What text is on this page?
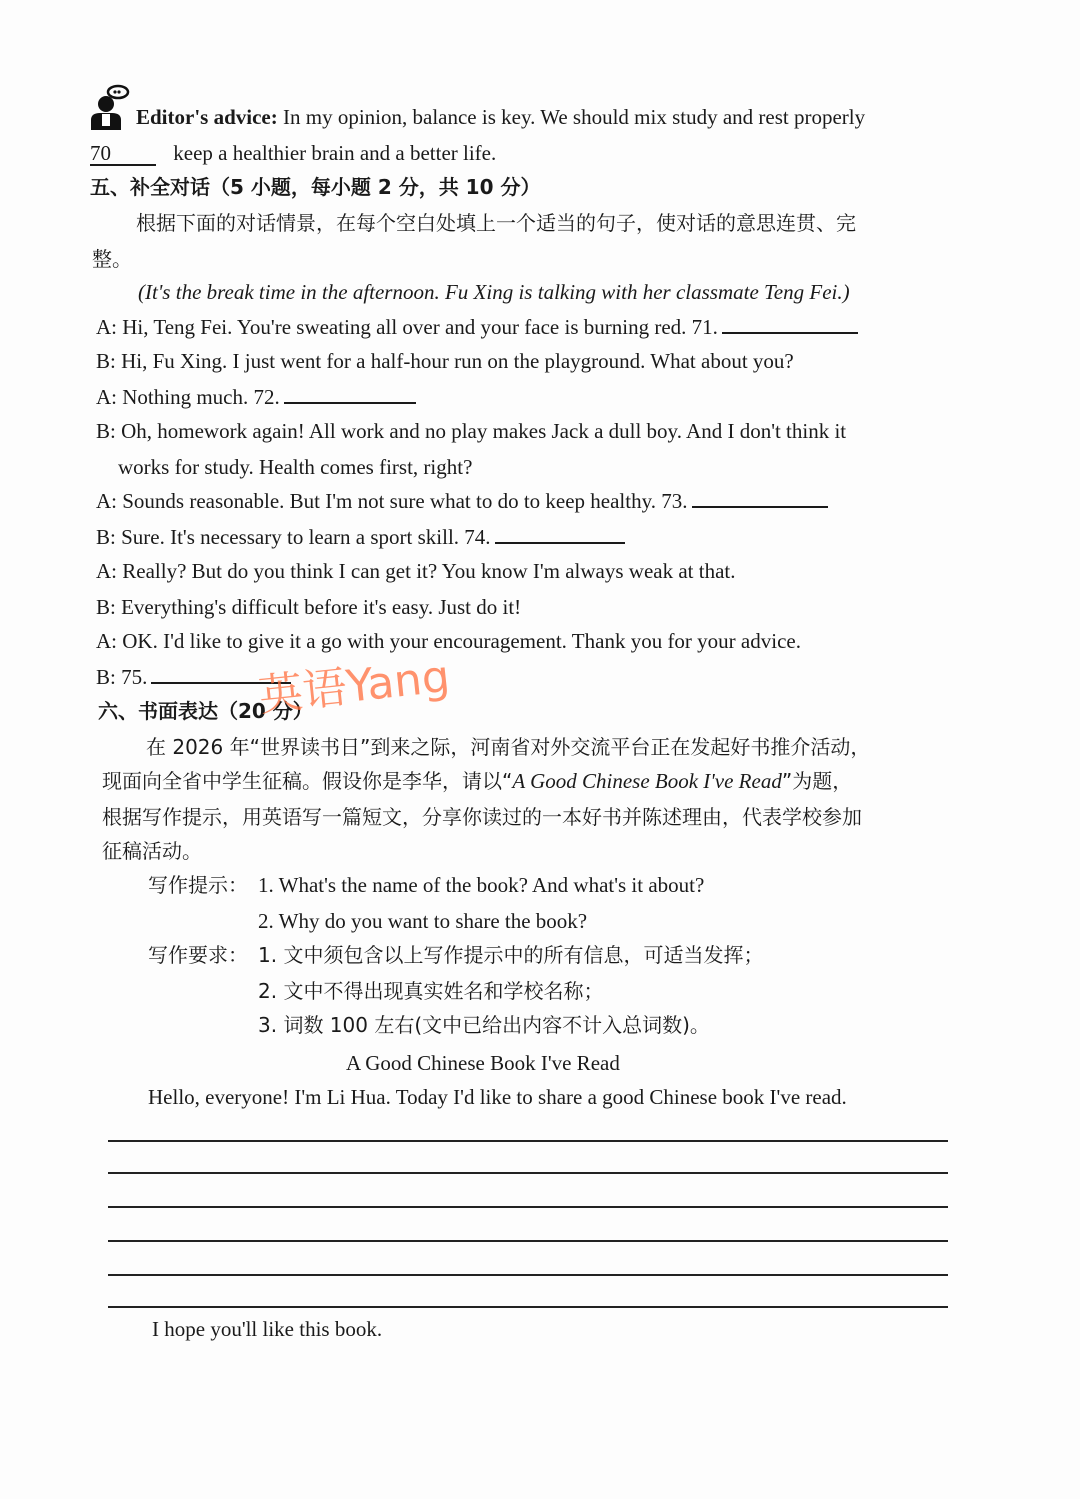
Editor's advice: In my opinion, balance is key. We should mix study and rest properly
70	keep a healthier brain and a better life.
五、补全对话（5 小题，每小题 2 分，共 10 分）
根据下面的对话情景，在每个空白处填上一个适当的句子，使对话的意思连贯、完
整。
(It's the break time in the afternoon. Fu Xing is talking with her classmate Teng Fei.)
A: Hi, Teng Fei. You're sweating all over and your face is burning red. 71.
B: Hi, Fu Xing. I just went for a half-hour run on the playground. What about you?
A: Nothing much. 72.
B: Oh, homework again! All work and no play makes Jack a dull boy. And I don't think it
works for study. Health comes first, right?
A: Sounds reasonable. But I'm not sure what to do to keep healthy. 73.
B: Sure. It's necessary to learn a sport skill. 74.
A: Really? But do you think I can get it? You know I'm always weak at that.
B: Everything's difficult before it's easy. Just do it!
A: OK. I'd like to give it a go with your encouragement. Thank you for your advice.
B: 75.
六、书面表达（20 分）
在 2026 年“世界读书日”到来之际，河南省对外交流平台正在发起好书推介活动，
现面向全省中学生征稿。假设你是李华，请以“A Good Chinese Book I've Read”为题，
根据写作提示，用英语写一篇短文，分享你读过的一本好书并陈述理由，代表学校参加
征稿活动。
写作提示： 1. What's the name of the book? And what's it about?
2. Why do you want to share the book?
写作要求： 1. 文中须包含以上写作提示中的所有信息，可适当发挥；
2. 文中不得出现真实姓名和学校名称；
3. 词数 100 左右(文中已给出内容不计入总词数)。
A Good Chinese Book I've Read
Hello, everyone! I'm Li Hua. Today I'd like to share a good Chinese book I've read.
I hope you'll like this book.
英语Yang
